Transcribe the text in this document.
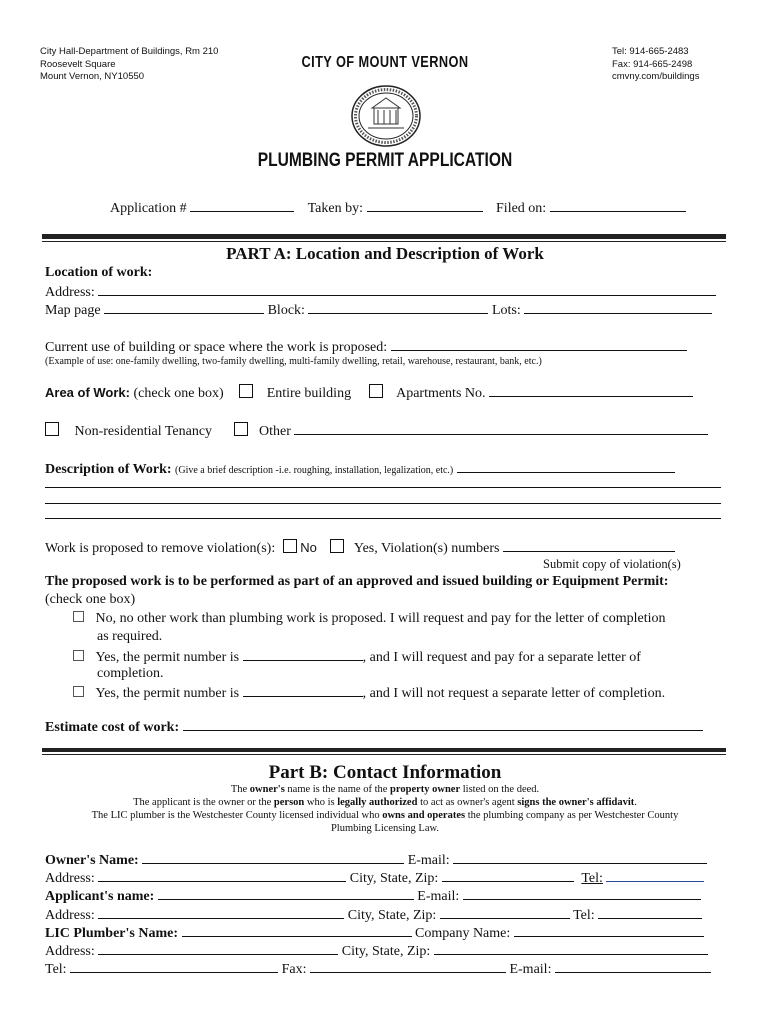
City Hall-Department of Buildings, Rm 210
Roosevelt Square
Mount Vernon, NY10550
CITY OF MOUNT VERNON
Tel: 914-665-2483
Fax: 914-665-2498
cmvny.com/buildings
PLUMBING PERMIT APPLICATION
Application #	Taken by:	Filed on:
PART A: Location and Description of Work
Location of work:
Address:
Map page	Block:	Lots:
Current use of building or space where the work is proposed:
(Example of use: one-family dwelling, two-family dwelling, multi-family dwelling, retail, warehouse, restaurant, bank, etc.)
Area of Work: (check one box)	Entire building	Apartments No.
Non-residential Tenancy	Other
Description of Work: (Give a brief description -i.e. roughing, installation, legalization, etc.)
Work is proposed to remove violation(s): No	Yes, Violation(s) numbers
Submit copy of violation(s)
The proposed work is to be performed as part of an approved and issued building or Equipment Permit:
(check one box)
No, no other work than plumbing work is proposed. I will request and pay for the letter of completion
as required.
Yes, the permit number is	, and I will request and pay for a separate letter of
completion.
Yes, the permit number is	, and I will not request a separate letter of completion.
Estimate cost of work:
Part B: Contact Information
The owner's name is the name of the property owner listed on the deed.
The applicant is the owner or the person who is legally authorized to act as owner's agent signs the owner's affidavit.
The LIC plumber is the Westchester County licensed individual who owns and operates the plumbing company as per Westchester County
Plumbing Licensing Law.
Owner's Name:	E-mail:
Address:	City, State, Zip:	Tel:
Applicant's name:	E-mail:
Address:	City, State, Zip:	Tel:
LIC Plumber's Name:	Company Name:
Address:	City, State, Zip:
Tel:	Fax:	E-mail:
